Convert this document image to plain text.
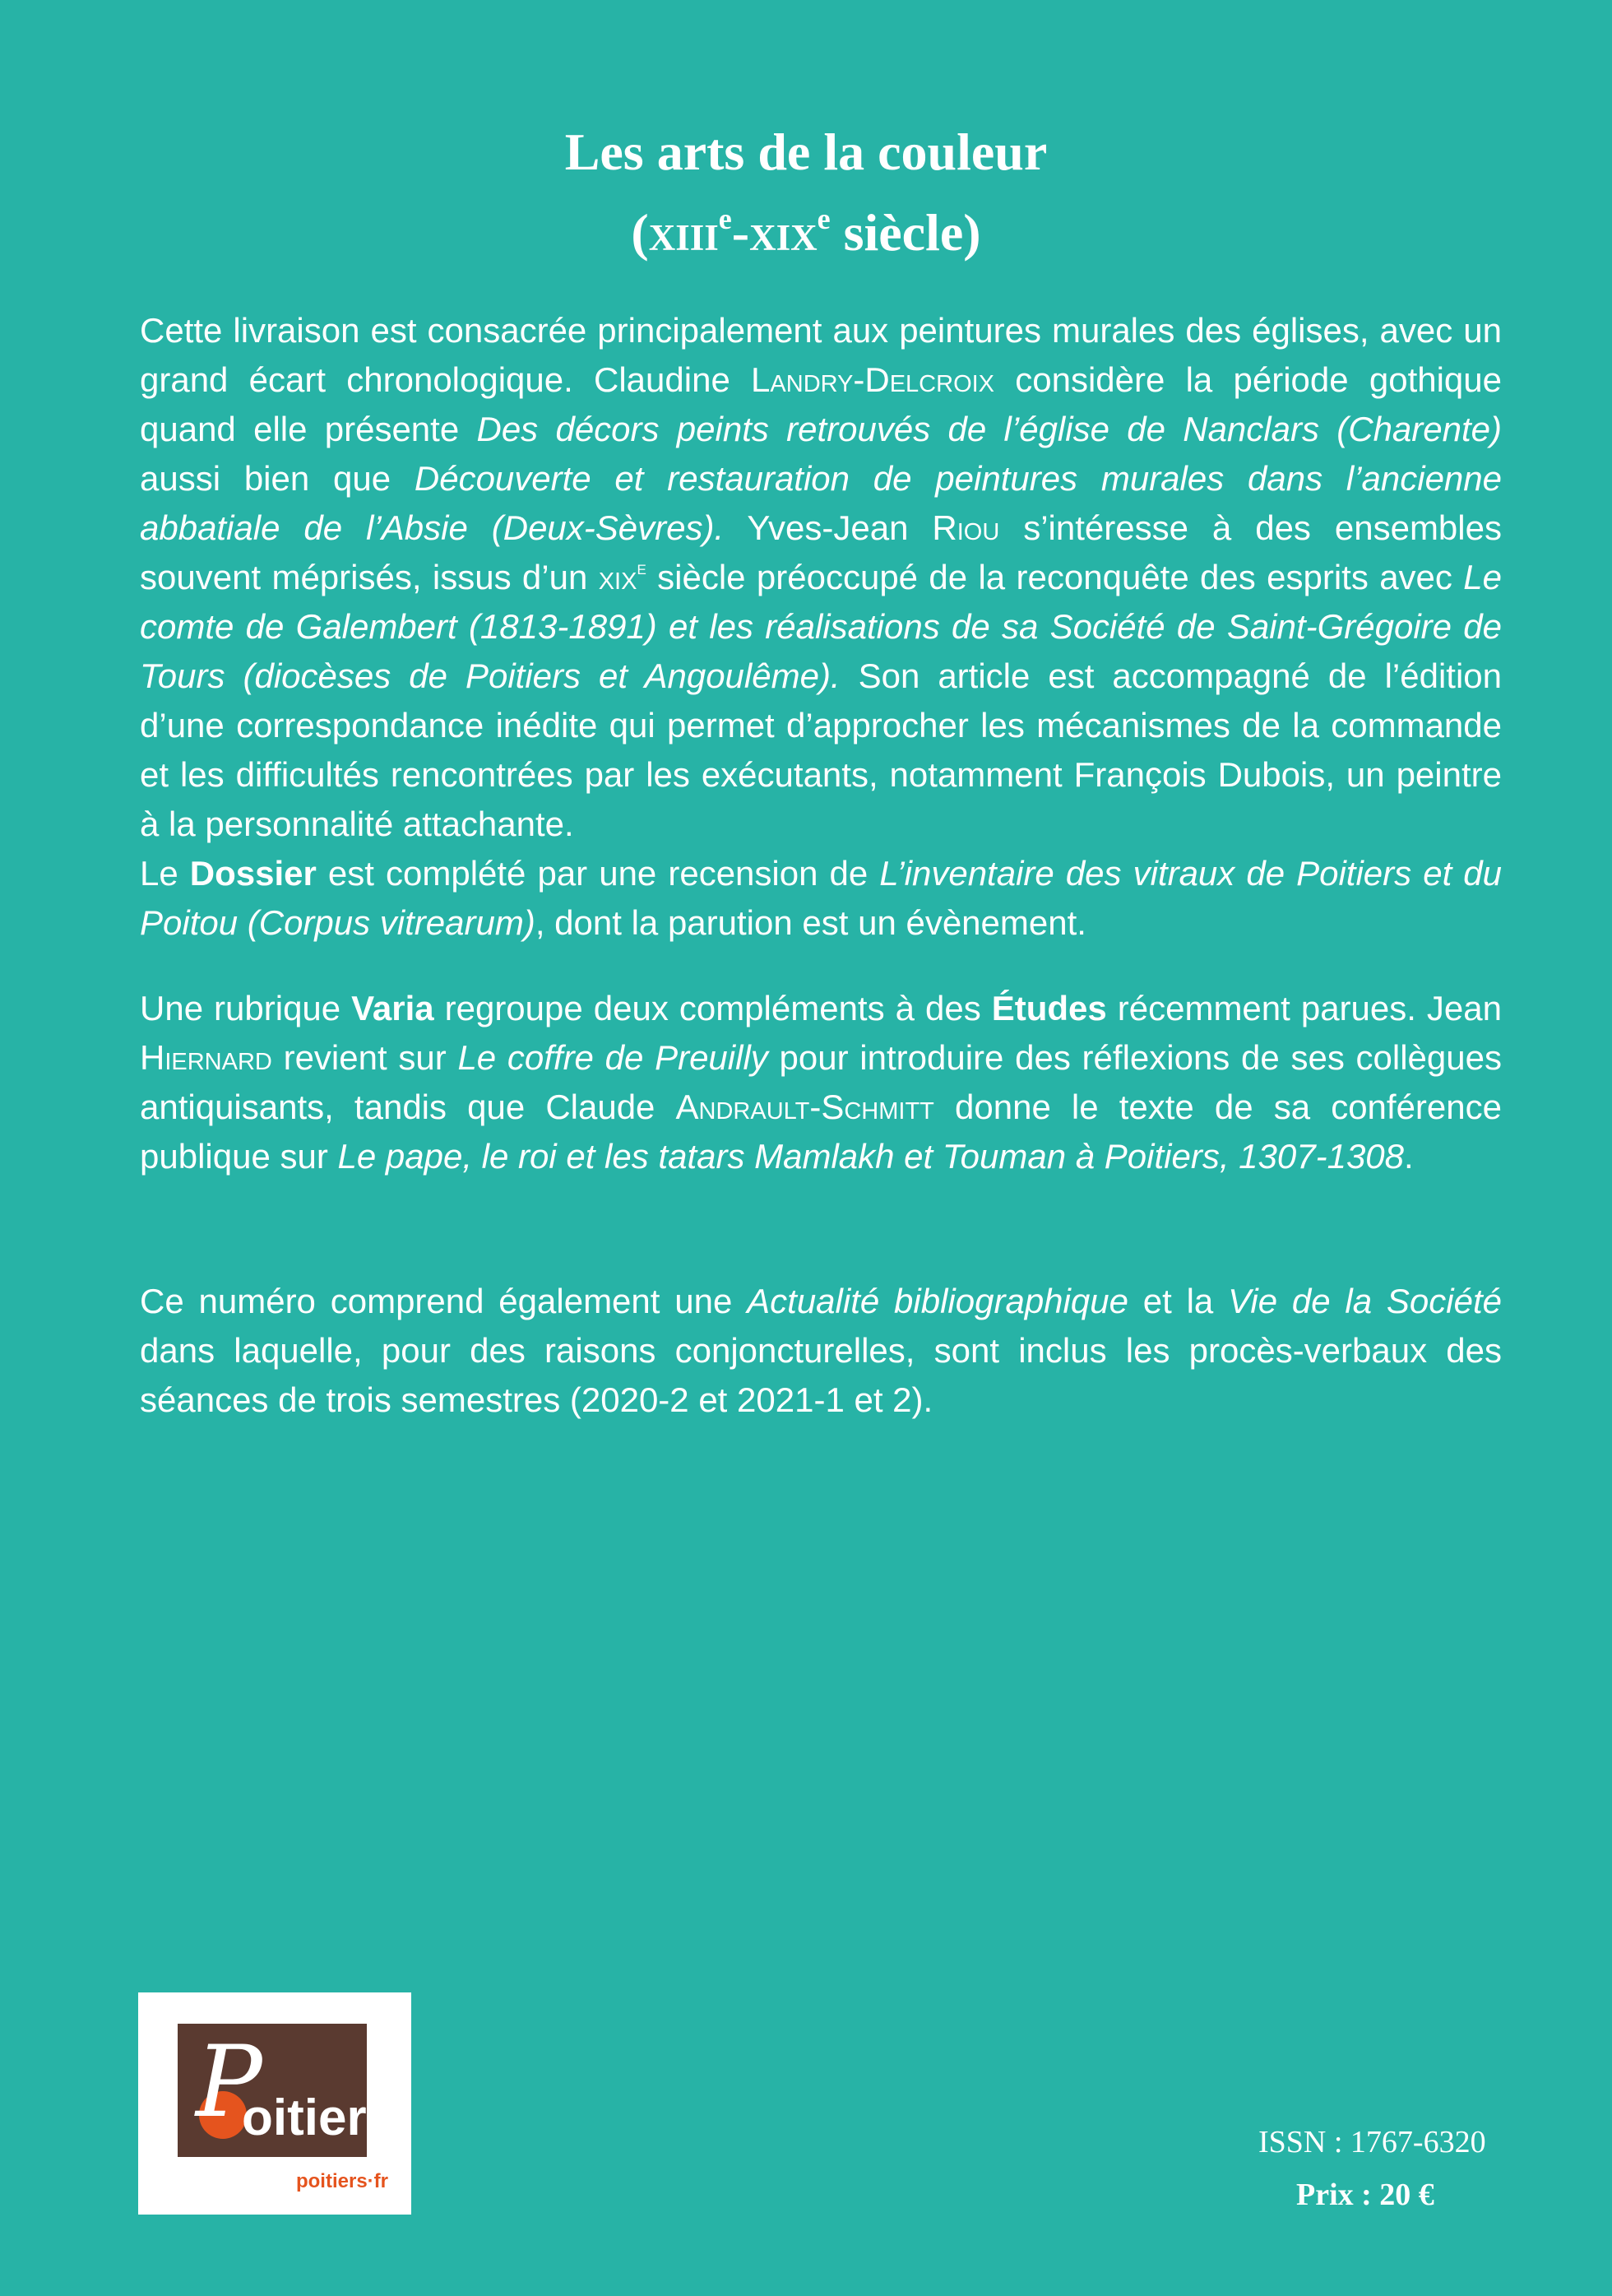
Les arts de la couleur
(xiii$^e$-xix$^e$ siècle)

Cette livraison est consacrée principalement aux peintures murales des églises, avec un grand écart chronologique. Claudine Landry-Delcroix considère la période gothique quand elle présente Des décors peints retrouvés de l’église de Nanclars (Charente) aussi bien que Découverte et restauration de peintures murales dans l’ancienne abbatiale de l’Absie (Deux-Sèvres). Yves-Jean Riou s’intéresse à des ensembles souvent méprisés, issus d’un xix$^e$ siècle préoccupé de la reconquête des esprits avec Le comte de Galembert (1813-1891) et les réalisations de sa Société de Saint-Grégoire de Tours (diocèses de Poitiers et Angoulême). Son article est accompagné de l’édition d’une correspondance inédite qui permet d’approcher les mécanismes de la commande et les difficultés rencontrées par les exécutants, notamment François Dubois, un peintre à la personnalité attachante.

Le Dossier est complété par une recension de L’inventaire des vitraux de Poitiers et du Poitou (Corpus vitrearum), dont la parution est un évènement.

Une rubrique Varia regroupe deux compléments à des Études récemment parues. Jean Hiernard revient sur Le coffre de Preuilly pour introduire des réflexions de ses collègues antiquisants, tandis que Claude Andrault-Schmitt donne le texte de sa conférence publique sur Le pape, le roi et les tatars Mamlakh et Touman à Poitiers, 1307-1308.

Ce numéro comprend également une Actualité bibliographique et la Vie de la Société dans laquelle, pour des raisons conjoncturelles, sont inclus les procès-verbaux des séances de trois semestres (2020-2 et 2021-1 et 2).

P
oitiers
poitiers·fr
ISSN : 1767-6320
Prix : 20 €
